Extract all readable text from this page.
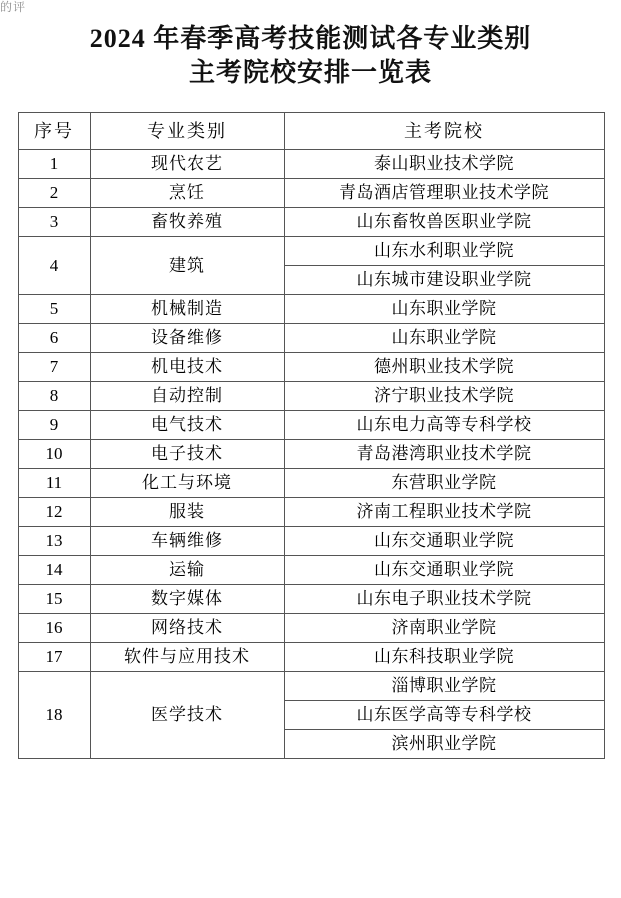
的评
2024 年春季高考技能测试各专业类别
主考院校安排一览表
序号	专业类别	主考院校
1	现代农艺	泰山职业技术学院
2	烹饪	青岛酒店管理职业技术学院
3	畜牧养殖	山东畜牧兽医职业学院
4	建筑	山东水利职业学院
		山东城市建设职业学院
5	机械制造	山东职业学院
6	设备维修	山东职业学院
7	机电技术	德州职业技术学院
8	自动控制	济宁职业技术学院
9	电气技术	山东电力高等专科学校
10	电子技术	青岛港湾职业技术学院
11	化工与环境	东营职业学院
12	服装	济南工程职业技术学院
13	车辆维修	山东交通职业学院
14	运输	山东交通职业学院
15	数字媒体	山东电子职业技术学院
16	网络技术	济南职业学院
17	软件与应用技术	山东科技职业学院
18	医学技术	淄博职业学院
		山东医学高等专科学校
		滨州职业学院
